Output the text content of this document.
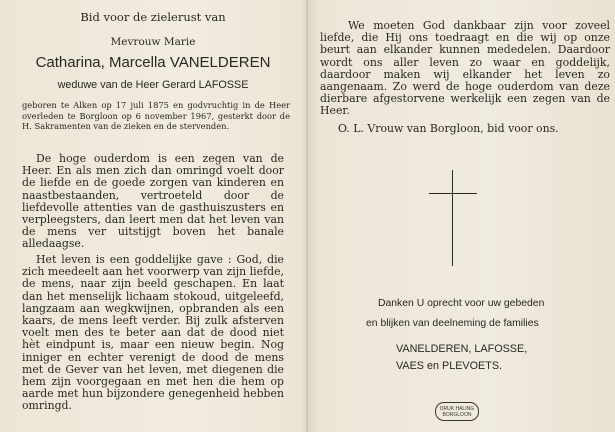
Bid voor de zielerust van

Mevrouw Marie

Catharina, Marcella VANELDEREN

weduwe van de Heer Gerard LAFOSSE

geboren te Alken op 17 juli 1875 en godvruchtig in de Heer overleden te Borgloon op 6 november 1967, gesterkt door de H. Sakramenten van de zieken en de stervenden.

De hoge ouderdom is een zegen van de Heer. En als men zich dan omringd voelt door de liefde en de goede zorgen van kinderen en naastbestaanden, vertroeteld door de liefdevolle attenties van de gasthuiszusters en verpleegsters, dan leert men dat het leven van de mens ver uitstijgt boven het banale alledaagse.

Het leven is een goddelijke gave : God, die zich meedeelt aan het voorwerp van zijn liefde, de mens, naar zijn beeld geschapen. En laat dan het menselijk lichaam stokoud, uitgeleefd, langzaam aan wegkwijnen, opbranden als een kaars, de mens leeft verder. Bij zulk afsterven voelt men des te beter aan dat de dood niet hèt eindpunt is, maar een nieuw begin. Nog inniger en echter verenigt de dood de mens met de Gever van het leven, met diegenen die hem zijn voorgegaan en met hen die hem op aarde met hun bijzondere genegenheid hebben omringd.

We moeten God dankbaar zijn voor zoveel liefde, die Hij ons toedraagt en die wij op onze beurt aan elkander kunnen mededelen. Daardoor wordt ons aller leven zo waar en goddelijk, daardoor maken wij elkander het leven zo aangenaam. Zo werd de hoge ouderdom van deze dierbare afgestorvene werkelijk een zegen van de Heer.

O. L. Vrouw van Borgloon, bid voor ons.

Danken U oprecht voor uw gebeden

en blijken van deelneming de families

VANELDEREN, LAFOSSE,

VAES en PLEVOETS.

DRUK HALING
BORGLOON
